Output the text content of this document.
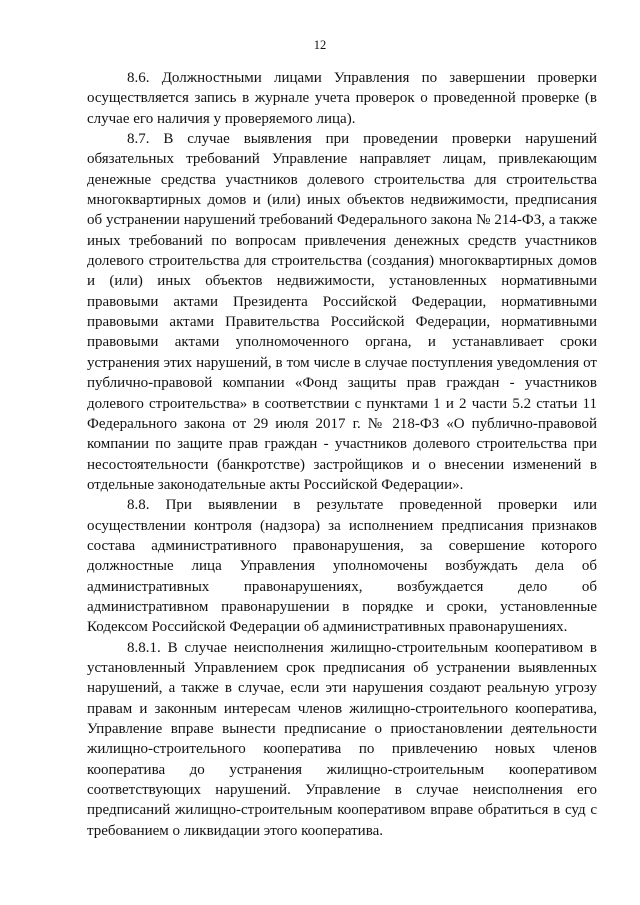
12

8.6. Должностными лицами Управления по завершении проверки осуществляется запись в журнале учета проверок о проведенной проверке (в случае его наличия у проверяемого лица).

8.7. В случае выявления при проведении проверки нарушений обязательных требований Управление направляет лицам, привлекающим денежные средства участников долевого строительства для строительства многоквартирных домов и (или) иных объектов недвижимости, предписания об устранении нарушений требований Федерального закона № 214-ФЗ, а также иных требований по вопросам привлечения денежных средств участников долевого строительства для строительства (создания) многоквартирных домов и (или) иных объектов недвижимости, установленных нормативными правовыми актами Президента Российской Федерации, нормативными правовыми актами Правительства Российской Федерации, нормативными правовыми актами уполномоченного органа, и устанавливает сроки устранения этих нарушений, в том числе в случае поступления уведомления от публично-правовой компании «Фонд защиты прав граждан - участников долевого строительства» в соответствии с пунктами 1 и 2 части 5.2 статьи 11 Федерального закона от 29 июля 2017 г. № 218-ФЗ «О публично-правовой компании по защите прав граждан - участников долевого строительства при несостоятельности (банкротстве) застройщиков и о внесении изменений в отдельные законодательные акты Российской Федерации».

8.8. При выявлении в результате проведенной проверки или осуществлении контроля (надзора) за исполнением предписания признаков состава административного правонарушения, за совершение которого должностные лица Управления уполномочены возбуждать дела об административных правонарушениях, возбуждается дело об административном правонарушении в порядке и сроки, установленные Кодексом Российской Федерации об административных правонарушениях.

8.8.1. В случае неисполнения жилищно-строительным кооперативом в установленный Управлением срок предписания об устранении выявленных нарушений, а также в случае, если эти нарушения создают реальную угрозу правам и законным интересам членов жилищно-строительного кооператива, Управление вправе вынести предписание о приостановлении деятельности жилищно-строительного кооператива по привлечению новых членов кооператива до устранения жилищно-строительным кооперативом соответствующих нарушений. Управление в случае неисполнения его предписаний жилищно-строительным кооперативом вправе обратиться в суд с требованием о ликвидации этого кооператива.
